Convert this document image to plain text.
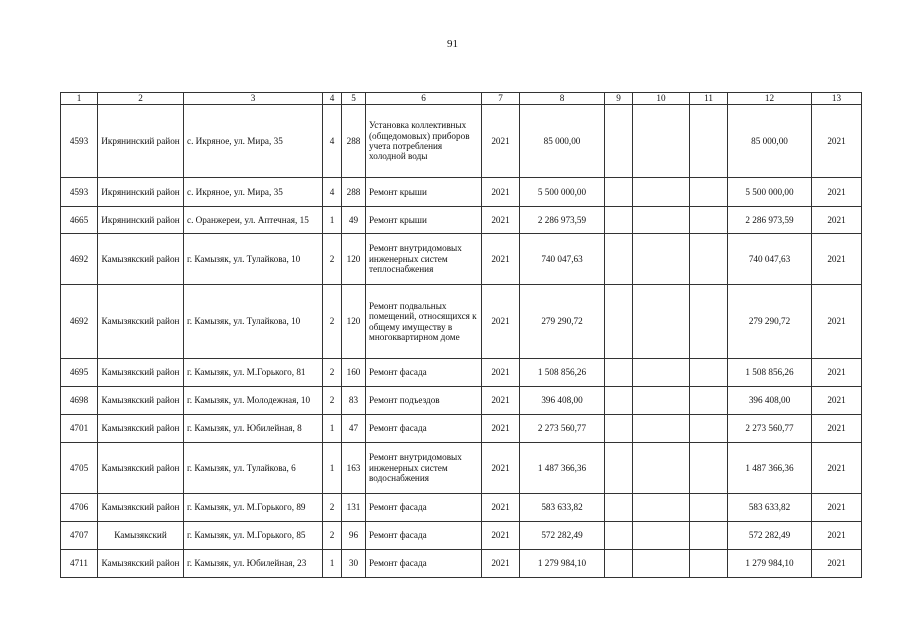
91
1	2	3	4	5	6	7	8	9	10	11	12	13
4593	Икрянинский район	с. Икряное, ул. Мира, 35	4	288	Установка коллективных (общедомовых) приборов учета потребления холодной воды	2021	85 000,00				85 000,00	2021
4593	Икрянинский район	с. Икряное, ул. Мира, 35	4	288	Ремонт крыши	2021	5 500 000,00				5 500 000,00	2021
4665	Икрянинский район	с. Оранжереи, ул. Аптечная, 15	1	49	Ремонт крыши	2021	2 286 973,59				2 286 973,59	2021
4692	Камызякский район	г. Камызяк, ул. Тулайкова, 10	2	120	Ремонт внутридомовых инженерных систем теплоснабжения	2021	740 047,63				740 047,63	2021
4692	Камызякский район	г. Камызяк, ул. Тулайкова, 10	2	120	Ремонт подвальных помещений, относящихся к общему имуществу в многоквартирном доме	2021	279 290,72				279 290,72	2021
4695	Камызякский район	г. Камызяк, ул. М.Горького, 81	2	160	Ремонт фасада	2021	1 508 856,26				1 508 856,26	2021
4698	Камызякский район	г. Камызяк, ул. Молодежная, 10	2	83	Ремонт подъездов	2021	396 408,00				396 408,00	2021
4701	Камызякский район	г. Камызяк, ул. Юбилейная, 8	1	47	Ремонт фасада	2021	2 273 560,77				2 273 560,77	2021
4705	Камызякский район	г. Камызяк, ул. Тулайкова, 6	1	163	Ремонт внутридомовых инженерных систем водоснабжения	2021	1 487 366,36				1 487 366,36	2021
4706	Камызякский район	г. Камызяк, ул. М.Горького, 89	2	131	Ремонт фасада	2021	583 633,82				583 633,82	2021
4707	Камызякский	г. Камызяк, ул. М.Горького, 85	2	96	Ремонт фасада	2021	572 282,49				572 282,49	2021
4711	Камызякский район	г. Камызяк, ул. Юбилейная, 23	1	30	Ремонт фасада	2021	1 279 984,10				1 279 984,10	2021
